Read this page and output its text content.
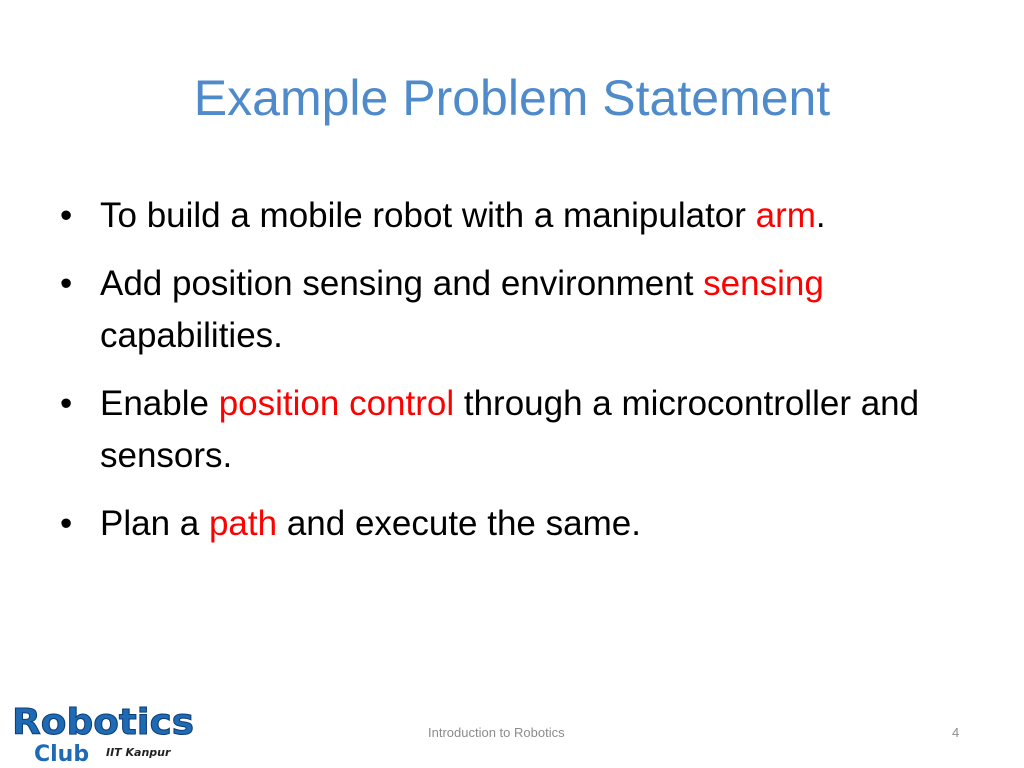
Example Problem Statement
• To build a mobile robot with a manipulator arm.
• Add position sensing and environment sensing capabilities.
• Enable position control through a microcontroller and sensors.
• Plan a path and execute the same.
Robotics
Club IIT Kanpur
Introduction to Robotics	4
